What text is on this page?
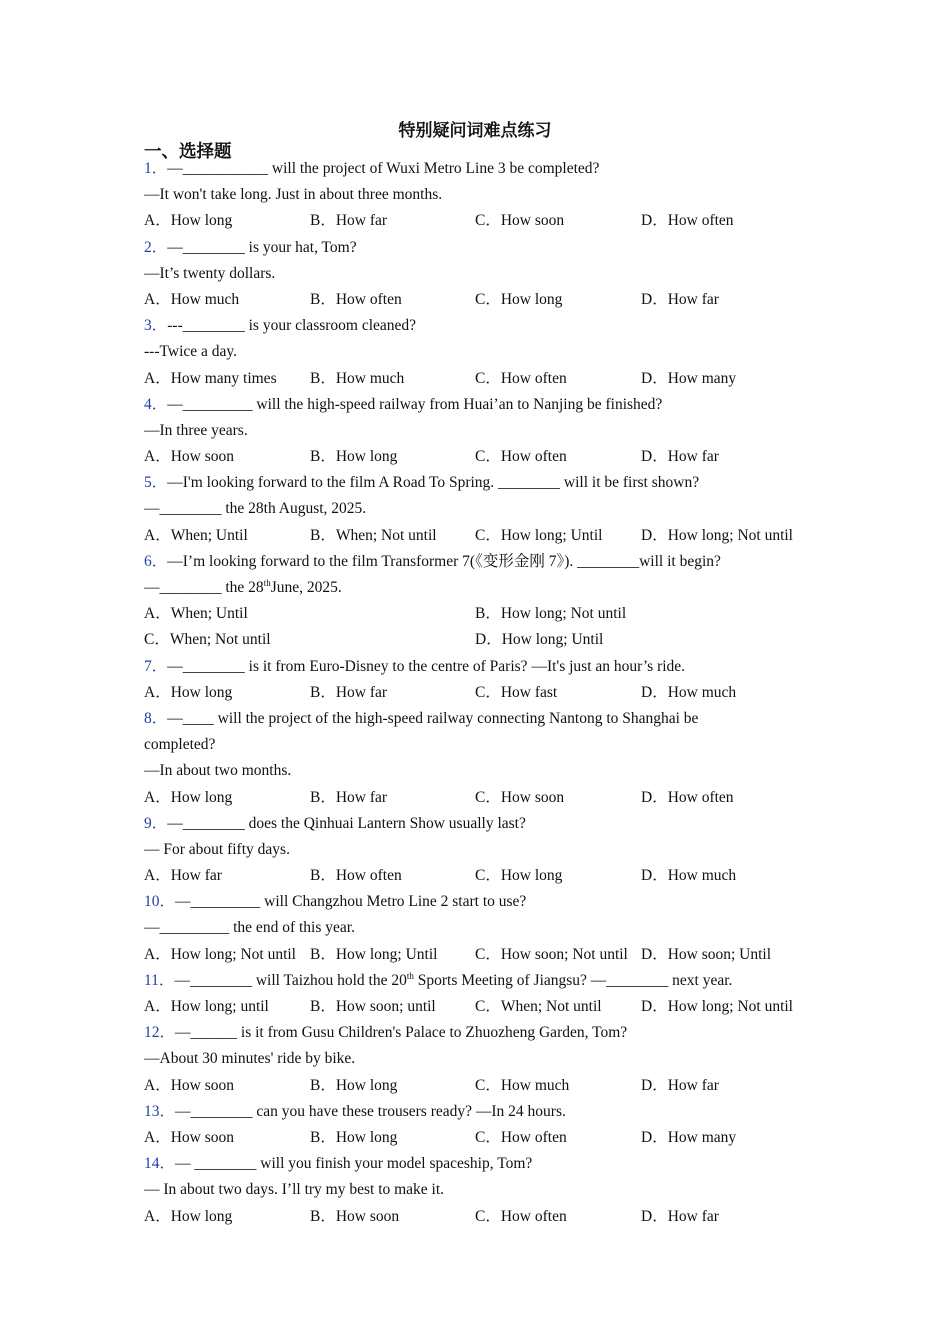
特别疑问词难点练习
一、选择题
1．—___________ will the project of Wuxi Metro Line 3 be completed?
—It won't take long. Just in about three months.
A．How long	B．How far	C．How soon	D．How often
2．—________ is your hat, Tom?
—It’s twenty dollars.
A．How much	B．How often	C．How long	D．How far
3．---________ is your classroom cleaned?
---Twice a day.
A．How many times B．How much	C．How often	D．How many
4．—_________ will the high-speed railway from Huai’an to Nanjing be finished?
—In three years.
A．How soon	B．How long	C．How often	D．How far
5．—I'm looking forward to the film A Road To Spring. ________ will it be first shown?
—________ the 28th August, 2025.
A．When; Until	B．When; Not until C．How long; Until D．How long; Not until
6．—I’m looking forward to the film Transformer 7(《变形金刚 7》). ________will it begin?
—________ the 28thJune, 2025.
A．When; Until	B．How long; Not until
C．When; Not until	D．How long; Until
7．—________ is it from Euro-Disney to the centre of Paris? —It's just an hour’s ride.
A．How long	B．How far	C．How fast	D．How much
8．—____ will the project of the high-speed railway connecting Nantong to Shanghai be
completed?
—In about two months.
A．How long	B．How far	C．How soon	D．How often
9．—________ does the Qinhuai Lantern Show usually last?
— For about fifty days.
A．How far	B．How often	C．How long	D．How much
10．—_________ will Changzhou Metro Line 2 start to use?
—_________ the end of this year.
A．How long; Not until B．How long; Until C．How soon; Not until D．How soon; Until
11．—________ will Taizhou hold the 20th Sports Meeting of Jiangsu? —________ next year.
A．How long; until	B．How soon; until	C．When; Not until	D．How long; Not until
12．—______ is it from Gusu Children's Palace to Zhuozheng Garden, Tom?
—About 30 minutes' ride by bike.
A．How soon	B．How long	C．How much	D．How far
13．—________ can you have these trousers ready? —In 24 hours.
A．How soon	B．How long	C．How often	D．How many
14．— ________ will you finish your model spaceship, Tom?
— In about two days. I’ll try my best to make it.
A．How long	B．How soon	C．How often	D．How far
